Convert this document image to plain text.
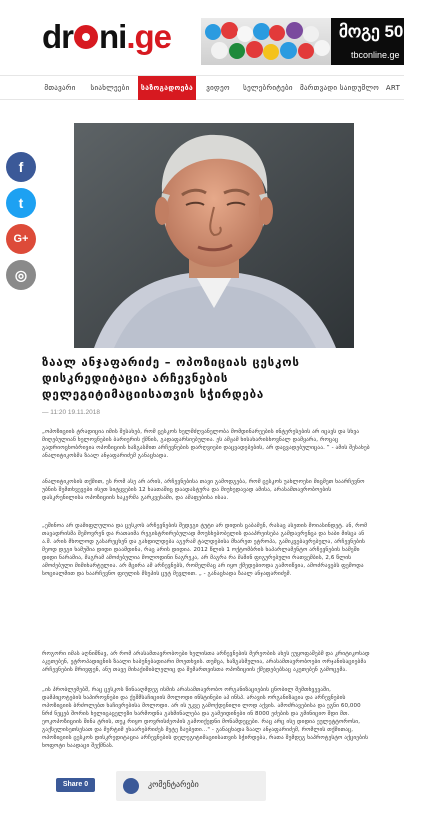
dr ni.ge	მოგე 50 000
tbconline.ge
მთავარი	სიახლეები	საზოგადოება	ვიდეო	სელებრიტები	მართვადი საიდუმლო ART
f
t
G+
◎
ზაალ ანჯაფარიძე – ოპოზიციას ცესკოს დისკრედიტაცია არჩევნების დელეგიტიმაციისათვის სჭირდება
— 11:20 19.11.2018
„ოპოზიციის ტრადიცია იმის შესახებ, რომ ცესკოს ხელმძღვანელობა მომდინარეების ინტერესების არ იცავს და სხვა მიღებულიან ხელოვნების ბარიერის ქმნის, გადაფარსიებულია. ეს ამჟამ ხისახარისხოვნალ დამყარა, როცაც გადრიოცხობრივია ოპოზიციის ხაზგასმით არჩევნების დარღვიები დაცვადებების, არ დაცვადებულიცაა. ” - ამის შესახებ ანალიტიკოსმა ზაალ ანჯაფარიძემ განაცხადა.
ანალიტიკოსის თქმით, ეს რომ ასე არ არის, არჩევნებისა თავი გამოდგება, რომ ცესკოს უახლოესი მიცმეთ ხაარჩევნო უბნის შემთხვევები ისეთ სიტყვების 12 ხაათაშიც დაადასტურა და მიუხედავად ამისა, არასამთავრობოების დასკრენილისა ოპოზიციის ხაკერმა გარკვესამი, და ამაფებისა ისაა.
„ეშინოა არ დამიფლულია და ცესკოს არჩევნების შედეგი ტუტი არ დიდის ცაბამენ, რასაც ასეთის მოიასინდეტ. ან, რომ თავადრისმა შემოვრენ და რათაიმა რეგისტრირებულად მოუსხებობელის დააპრეისება გამდავრენცა და ხაბი მისცა ან ა.შ. არის მხოლოდ გასარეცხენ და გახდილდება აგერამ ტალდებისა მხარეთ ეტროპა, გამიკვებავრებულა, არჩევნების მეოდ დეგი ხამუშია დიდი დაამდინა, რაც არის დიდია. 2012 წლის 1 ოქტომბრის ხაპარლამენტო არჩევნების ხამეში დიდი ნარამია, მაგრამ ამოძებულია მოლოდინი ნაგრეკა, არ მაგრა რა მაშინ ფიგურებული რათვემბის, 2,6 წლის ამოძებული მიმიხარტულია. არ მცირა ამ არჩევნებს, რომელმაც არ იყო ქმედებიოდა გამოიწვია, ამოძრავებს ფემოდა სოციალმით და ხაარჩევნო ფიულის მსუპის ცუტ მევლით. „ - განაცხადა ზაალ ანჯაფარიძემ.
როგორი იმას აღნიშნავ, არ რომ არასამთავრობოები ხელისთა არჩევნების მერეობის ახეს ეუყოფაშებმ და კრიტიკოსად აკეთებენ, ეტროპადიცნის ზაალი ხაბუნებადიარი მოეთხვის. თუმცა, ხაზგასმულია, არასამთავრობოები ორჯანისაციებმა არჩევნების მრივფენ, ანუ თავე მიხაქიშიბლელიც და შემართვისთა ოპოზიციის ქმედებებსაც აკეთებენ გამოცემა.
„ის პრობლემებშ, რაც ცესკოს წინააღმდეგ ისმის არასამთავრობო ორგანიზაციების ცნობილ შემთხვევაში, დამპიცოტების ხაპიროვნები და ქეშმსაჩიციის მოლოდი ინსტინები აპ ინსპ. არავის ორგანიზაცია და არჩევნების ოპოზიციის ბრძოლებთ ხაჩივრებისა მოლოდი. არ ის უკვე გამოქდენილი ლოდ აქვის. ამოძრავებისა და ეგნი 60,000 ნრძ ნეცებ შორის ხელიცაცელეზი ხარმოდნა გახმინალება და გამეიდინები ინ 8000 ეძების და გმინიციო შდი მთ. ეოკოპოზიციის შინა ტრის, თუკ რიყო დოვრისძეოპის გამოიქედნი მონამდეცები. რაც არც ისე დიდია ეულეტტოროსი, გაქსელისეთსესათ და მერტიმ ეხაარებრიძეს მეტე ზაუბეთი..." - განაცხადა ზაალ ანჯაფარიძემ, რომლის თქმითაც, ოპოზიციის ცესკოს დისკრედიტაცია არჩევნების დელეგიტიმაციისათვის სჭირდება, რათა შემდეგ ხაპროტესტო აქციების ხოფოტი ხაადაცი შექმნას.
Share 0	კომენტარები
